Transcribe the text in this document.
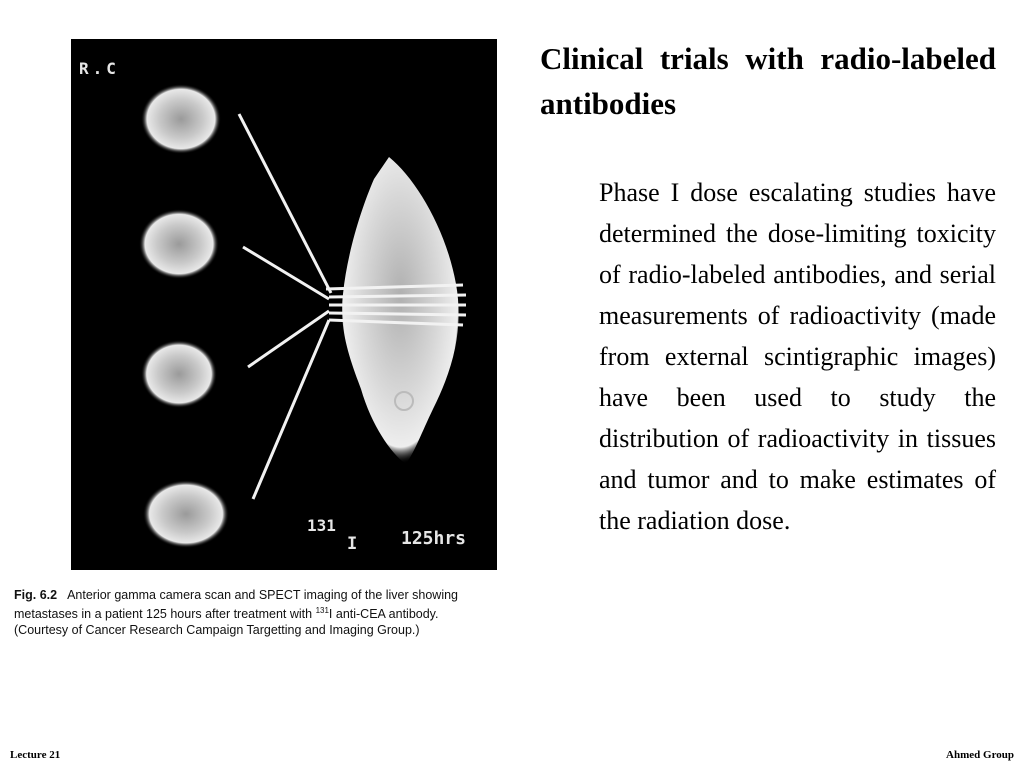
R.C
131
I 125hrs
Fig. 6.2 Anterior gamma camera scan and SPECT imaging of the liver showing
metastases in a patient 125 hours after treatment with $^{131}$I anti-CEA antibody.
(Courtesy of Cancer Research Campaign Targetting and Imaging Group.)
Clinical trials with radio-labeled antibodies

Phase I dose escalating studies have determined the dose-limiting toxicity of radio-labeled antibodies, and serial measurements of radioactivity (made from external scintigraphic images) have been used to study the distribution of radioactivity in tissues and tumor and to make estimates of the radiation dose.

Lecture 21	Ahmed Group
